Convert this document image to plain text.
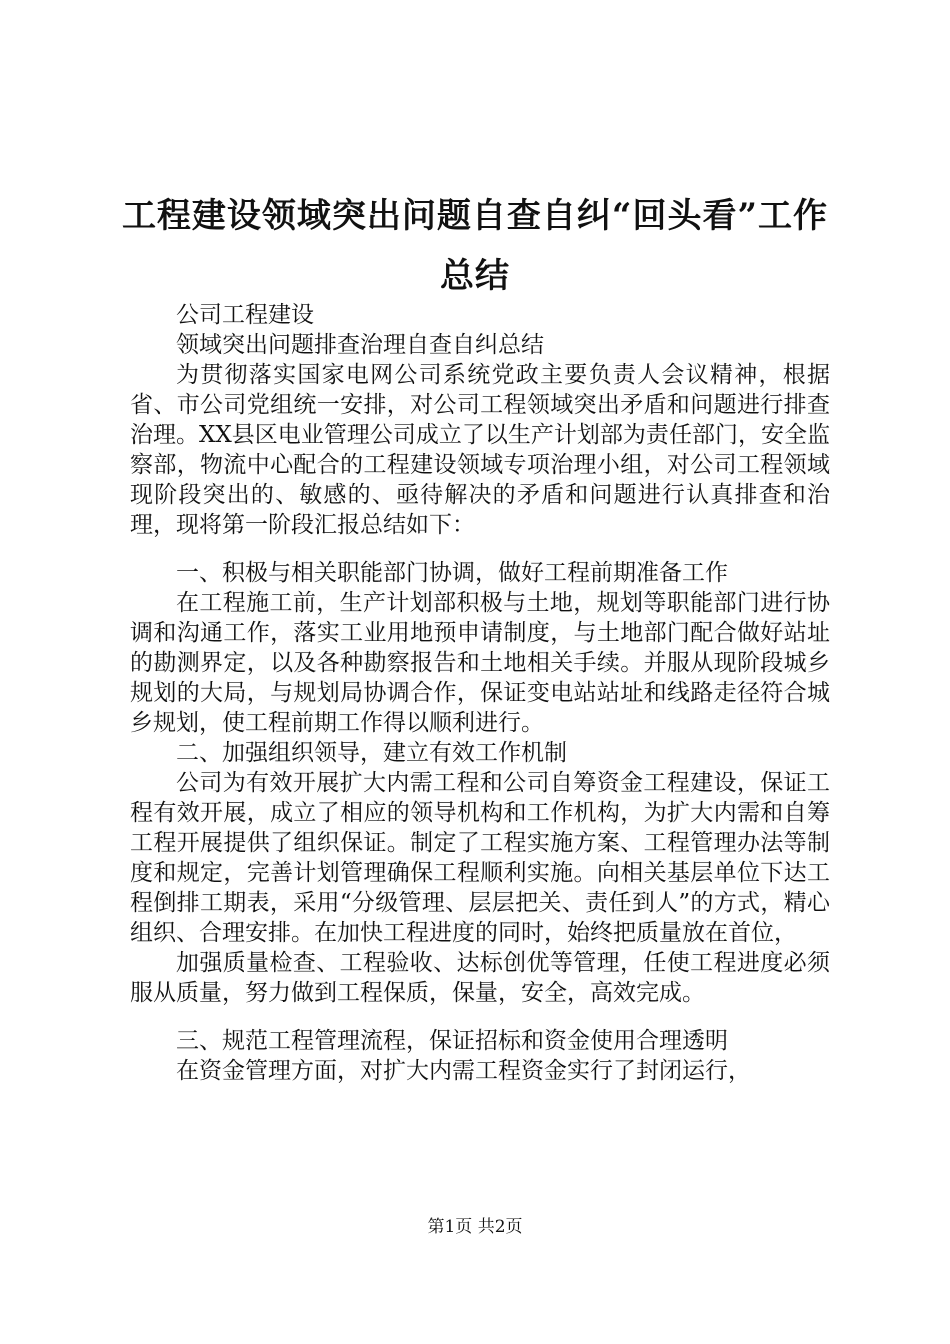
工程建设领域突出问题自查自纠“回头看”工作总结

公司工程建设

领域突出问题排查治理自查自纠总结

为贯彻落实国家电网公司系统党政主要负责人会议精神，根据省、市公司党组统一安排，对公司工程领域突出矛盾和问题进行排查治理。XX县区电业管理公司成立了以生产计划部为责任部门，安全监察部，物流中心配合的工程建设领域专项治理小组，对公司工程领域现阶段突出的、敏感的、亟待解决的矛盾和问题进行认真排查和治理，现将第一阶段汇报总结如下：

一、积极与相关职能部门协调，做好工程前期准备工作

在工程施工前，生产计划部积极与土地，规划等职能部门进行协调和沟通工作，落实工业用地预申请制度，与土地部门配合做好站址的勘测界定，以及各种勘察报告和土地相关手续。并服从现阶段城乡规划的大局，与规划局协调合作，保证变电站站址和线路走径符合城乡规划，使工程前期工作得以顺利进行。

二、加强组织领导，建立有效工作机制

公司为有效开展扩大内需工程和公司自筹资金工程建设，保证工程有效开展，成立了相应的领导机构和工作机构，为扩大内需和自筹工程开展提供了组织保证。制定了工程实施方案、工程管理办法等制度和规定，完善计划管理确保工程顺利实施。向相关基层单位下达工程倒排工期表，采用“分级管理、层层把关、责任到人”的方式，精心组织、合理安排。在加快工程进度的同时，始终把质量放在首位，

加强质量检查、工程验收、达标创优等管理，任使工程进度必须服从质量，努力做到工程保质，保量，安全，高效完成。

三、规范工程管理流程，保证招标和资金使用合理透明

在资金管理方面，对扩大内需工程资金实行了封闭运行，

第1页 共2页
